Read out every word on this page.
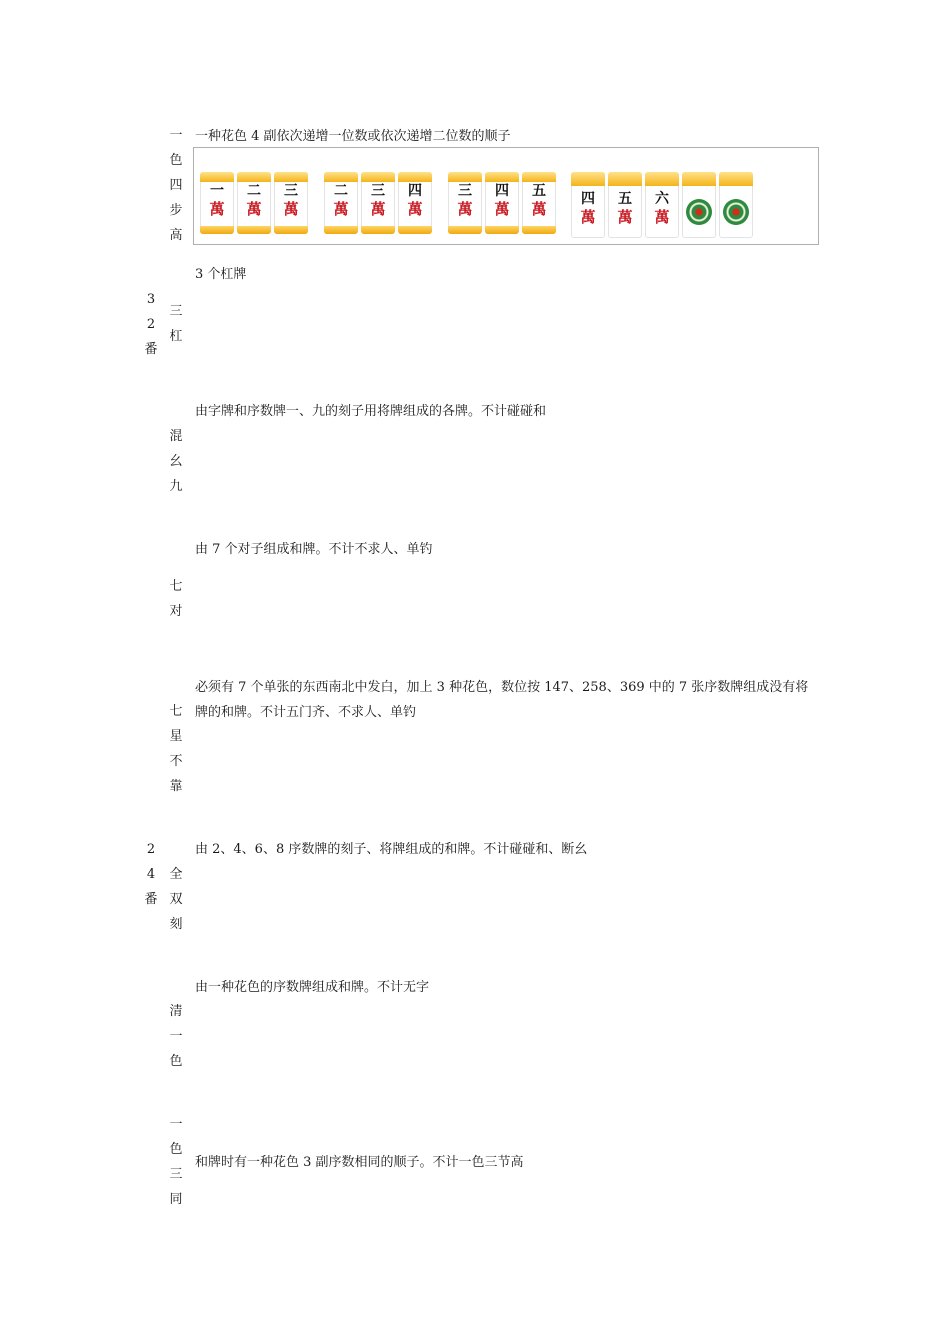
一
色
四
步
高
一种花色 4 副依次递增一位数或依次递增二位数的顺子
一
萬
二
萬
三
萬
二
萬
三
萬
四
萬
三
萬
四
萬
五
萬
四
萬
五
萬
六
萬
3
2
番
三
杠
3 个杠牌
混
幺
九
由字牌和序数牌一、九的刻子用将牌组成的各牌。不计碰碰和
七
对
由 7 个对子组成和牌。不计不求人、单钓
七
星
不
靠
必须有 7 个单张的东西南北中发白，加上 3 种花色，数位按 147、258、369 中的 7 张序数牌组成没有将牌的和牌。不计五门齐、不求人、单钓
2
4
番
全
双
刻
由 2、4、6、8 序数牌的刻子、将牌组成的和牌。不计碰碰和、断幺
清
一
色
由一种花色的序数牌组成和牌。不计无字
一
色
三
同
和牌时有一种花色 3 副序数相同的顺子。不计一色三节高
